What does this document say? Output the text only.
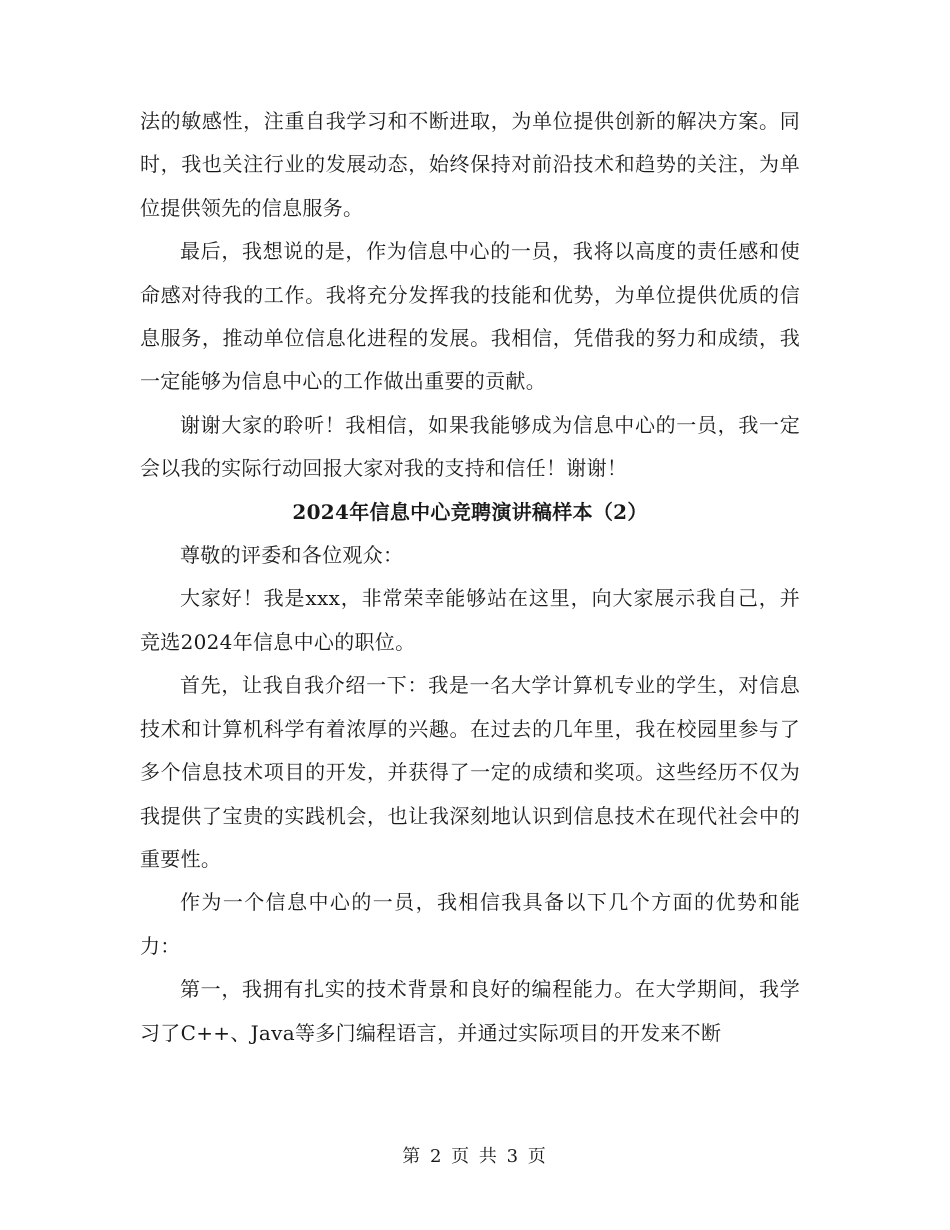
法的敏感性，注重自我学习和不断进取，为单位提供创新的解决方案。同时，我也关注行业的发展动态，始终保持对前沿技术和趋势的关注，为单位提供领先的信息服务。

最后，我想说的是，作为信息中心的一员，我将以高度的责任感和使命感对待我的工作。我将充分发挥我的技能和优势，为单位提供优质的信息服务，推动单位信息化进程的发展。我相信，凭借我的努力和成绩，我一定能够为信息中心的工作做出重要的贡献。

谢谢大家的聆听！我相信，如果我能够成为信息中心的一员，我一定会以我的实际行动回报大家对我的支持和信任！谢谢！

2024年信息中心竞聘演讲稿样本（2）

尊敬的评委和各位观众：

大家好！我是xxx，非常荣幸能够站在这里，向大家展示我自己，并竞选2024年信息中心的职位。

首先，让我自我介绍一下：我是一名大学计算机专业的学生，对信息技术和计算机科学有着浓厚的兴趣。在过去的几年里，我在校园里参与了多个信息技术项目的开发，并获得了一定的成绩和奖项。这些经历不仅为我提供了宝贵的实践机会，也让我深刻地认识到信息技术在现代社会中的重要性。

作为一个信息中心的一员，我相信我具备以下几个方面的优势和能力：

第一，我拥有扎实的技术背景和良好的编程能力。在大学期间，我学习了C++、Java等多门编程语言，并通过实际项目的开发来不断

第 2 页 共 3 页
